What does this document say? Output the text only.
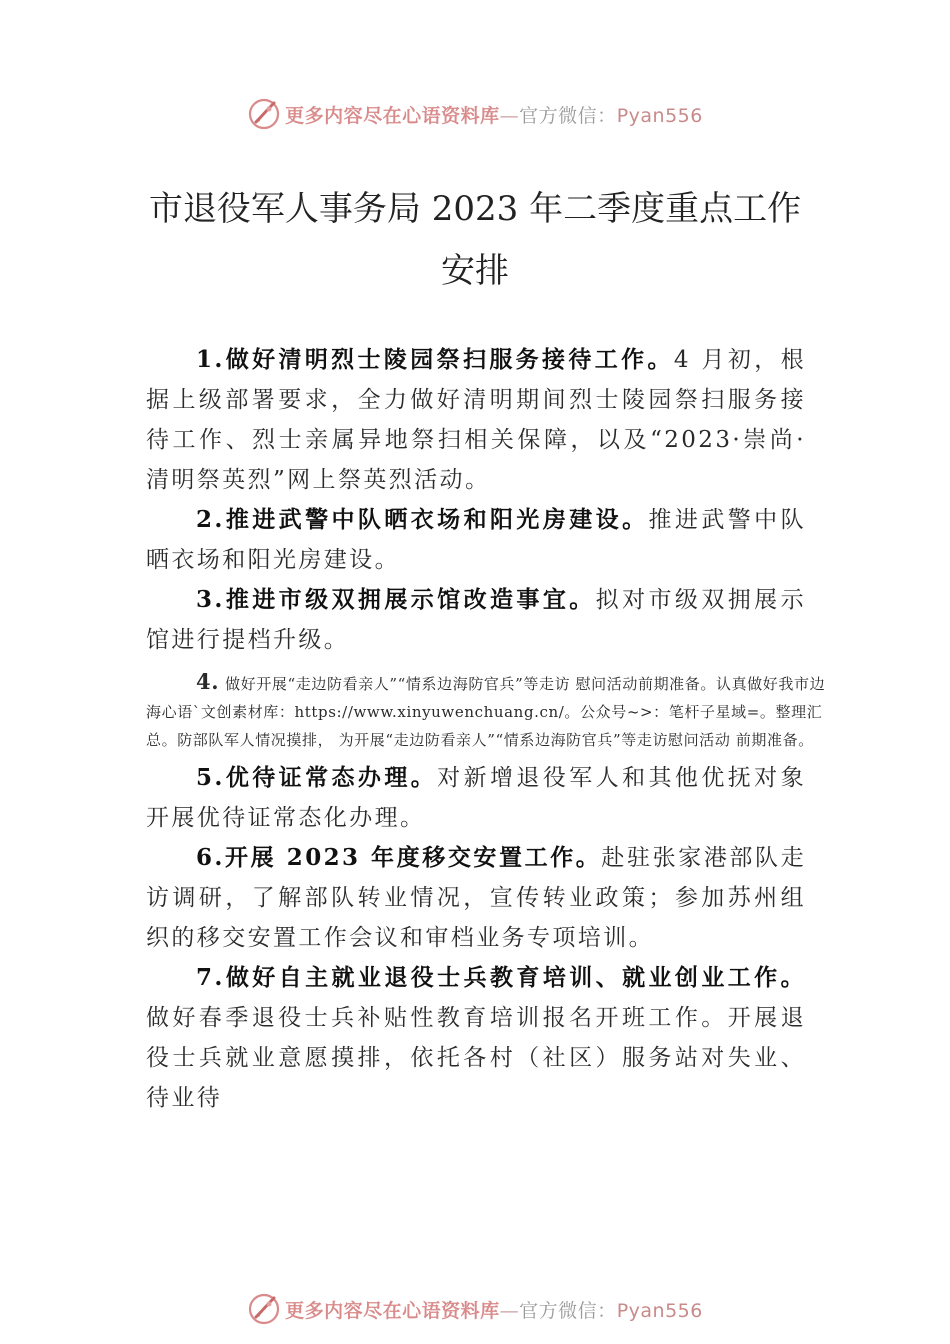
更多内容尽在心语资料库—官方微信：Pyan556
市退役军人事务局 2023 年二季度重点工作
安排

1.做好清明烈士陵园祭扫服务接待工作。4 月初，根据上级部署要求，全力做好清明期间烈士陵园祭扫服务接待工作、烈士亲属异地祭扫相关保障，以及“2023·崇尚·清明祭英烈”网上祭英烈活动。

2.推进武警中队晒衣场和阳光房建设。推进武警中队晒衣场和阳光房建设。

3.推进市级双拥展示馆改造事宜。拟对市级双拥展示馆进行提档升级。

4. 做好开展“走边防看亲人”“情系边海防官兵”等走访 慰问活动前期准备。认真做好我市边海心语`文创素材库：https://www.xinyuwenchuang.cn/。公众号~>：笔杆子星域=。整理汇总。防部队军人情况摸排， 为开展“走边防看亲人”“情系边海防官兵”等走访慰问活动 前期准备。

5.优待证常态办理。对新增退役军人和其他优抚对象开展优待证常态化办理。

6.开展 2023 年度移交安置工作。赴驻张家港部队走访调研，了解部队转业情况，宣传转业政策；参加苏州组织的移交安置工作会议和审档业务专项培训。

7.做好自主就业退役士兵教育培训、就业创业工作。做好春季退役士兵补贴性教育培训报名开班工作。开展退役士兵就业意愿摸排，依托各村（社区）服务站对失业、待业待

更多内容尽在心语资料库—官方微信：Pyan556
